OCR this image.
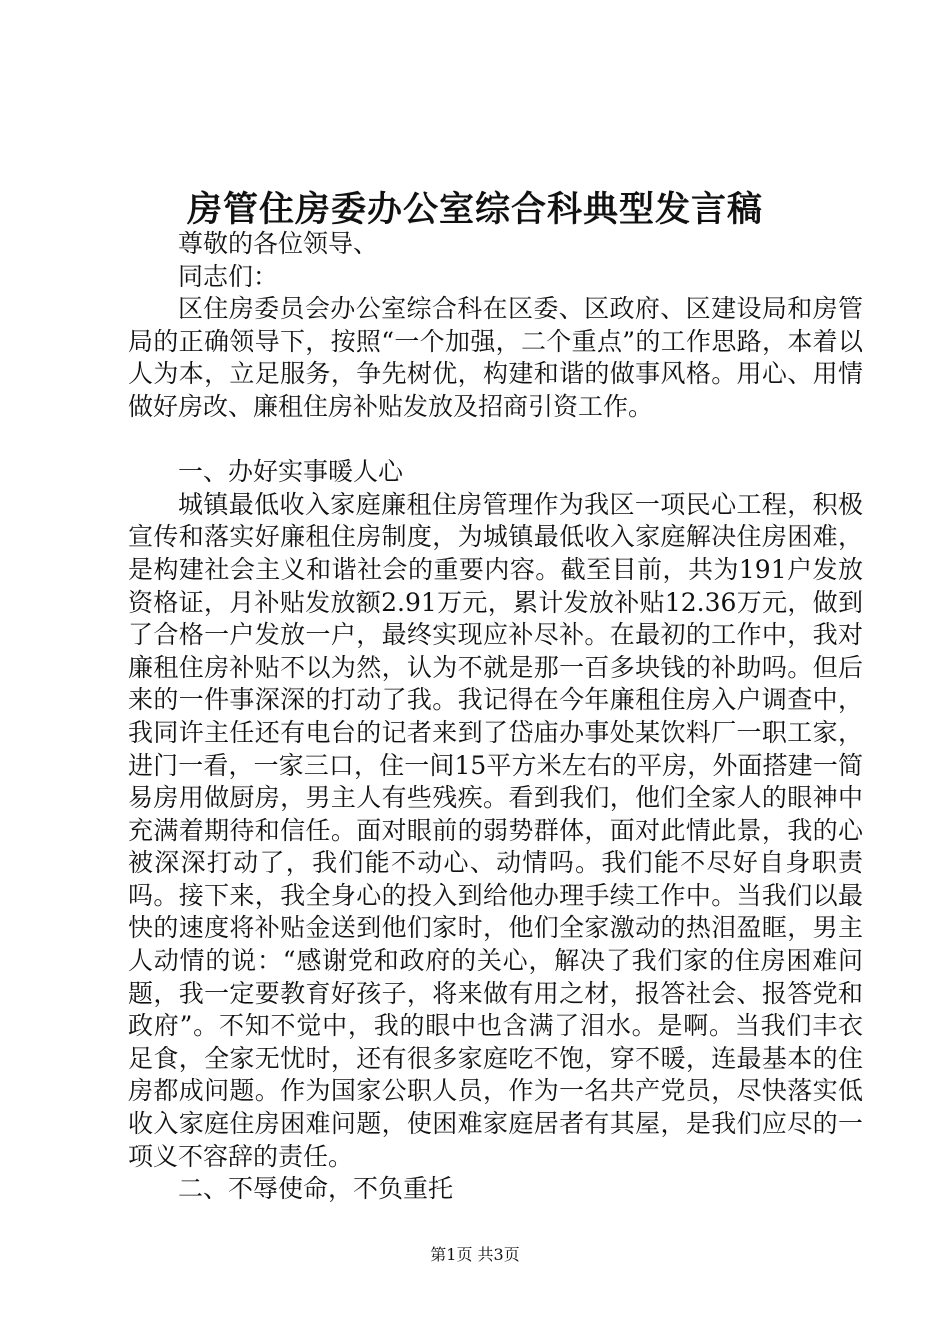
房管住房委办公室综合科典型发言稿

尊敬的各位领导、

同志们：

区住房委员会办公室综合科在区委、区政府、区建设局和房管局的正确领导下，按照“一个加强，二个重点”的工作思路，本着以人为本，立足服务，争先树优，构建和谐的做事风格。用心、用情做好房改、廉租住房补贴发放及招商引资工作。

一、办好实事暖人心

城镇最低收入家庭廉租住房管理作为我区一项民心工程，积极宣传和落实好廉租住房制度，为城镇最低收入家庭解决住房困难，是构建社会主义和谐社会的重要内容。截至目前，共为191户发放资格证，月补贴发放额2.91万元，累计发放补贴12.36万元，做到了合格一户发放一户，最终实现应补尽补。在最初的工作中，我对廉租住房补贴不以为然，认为不就是那一百多块钱的补助吗。但后来的一件事深深的打动了我。我记得在今年廉租住房入户调查中，我同许主任还有电台的记者来到了岱庙办事处某饮料厂一职工家，进门一看，一家三口，住一间15平方米左右的平房，外面搭建一简易房用做厨房，男主人有些残疾。看到我们，他们全家人的眼神中充满着期待和信任。面对眼前的弱势群体，面对此情此景，我的心被深深打动了，我们能不动心、动情吗。我们能不尽好自身职责吗。接下来，我全身心的投入到给他办理手续工作中。当我们以最快的速度将补贴金送到他们家时，他们全家激动的热泪盈眶，男主人动情的说：“感谢党和政府的关心，解决了我们家的住房困难问题，我一定要教育好孩子，将来做有用之材，报答社会、报答党和政府”。不知不觉中，我的眼中也含满了泪水。是啊。当我们丰衣足食，全家无忧时，还有很多家庭吃不饱，穿不暖，连最基本的住房都成问题。作为国家公职人员，作为一名共产党员，尽快落实低收入家庭住房困难问题，使困难家庭居者有其屋，是我们应尽的一项义不容辞的责任。

二、不辱使命，不负重托

第1页 共3页
